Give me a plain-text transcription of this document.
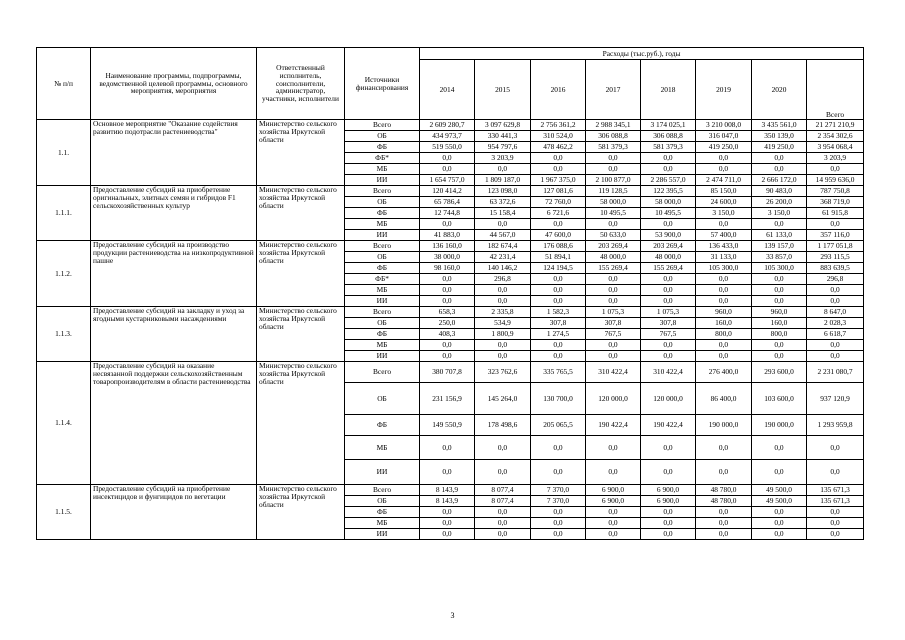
№ п/п	Наименование программы, подпрограммы, ведомственной целевой программы, основного мероприятия, мероприятия	Ответственный исполнитель, соисполнители, администратор, участники, исполнители	Источники финансирования	Расходы (тыс.руб.), годы							
				2014	2015	2016	2017	2018	2019	2020	Всего
1.1.	Основное мероприятие "Оказание содействия развитию подотрасли растениеводства"	Министерство сельского хозяйства Иркутской области	Всего	2 609 280,7	3 097 629,8	2 756 361,2	2 988 345,1	3 174 025,1	3 210 008,0	3 435 561,0	21 271 210,9
			ОБ	434 973,7	330 441,3	310 524,0	306 088,8	306 088,8	316 047,0	350 139,0	2 354 302,6
			ФБ	519 550,0	954 797,6	478 462,2	581 379,3	581 379,3	419 250,0	419 250,0	3 954 068,4
			ФБ*	0,0	3 203,9	0,0	0,0	0,0	0,0	0,0	3 203,9
			МБ	0,0	0,0	0,0	0,0	0,0	0,0	0,0	0,0
			ИИ	1 654 757,0	1 809 187,0	1 967 375,0	2 100 877,0	2 286 557,0	2 474 711,0	2 666 172,0	14 959 636,0
1.1.1.	Предоставление субсидий на приобретение оригинальных, элитных семян и гибридов F1 сельскохозяйственных культур	Министерство сельского хозяйства Иркутской области	Всего	120 414,2	123 098,0	127 081,6	119 128,5	122 395,5	85 150,0	90 483,0	787 750,8
			ОБ	65 786,4	63 372,6	72 760,0	58 000,0	58 000,0	24 600,0	26 200,0	368 719,0
			ФБ	12 744,8	15 158,4	6 721,6	10 495,5	10 495,5	3 150,0	3 150,0	61 915,8
			МБ	0,0	0,0	0,0	0,0	0,0	0,0	0,0	0,0
			ИИ	41 883,0	44 567,0	47 600,0	50 633,0	53 900,0	57 400,0	61 133,0	357 116,0
1.1.2.	Предоставление субсидий на производство продукции растениеводства на низкопродуктивной пашне	Министерство сельского хозяйства Иркутской области	Всего	136 160,0	182 674,4	176 088,6	203 269,4	203 269,4	136 433,0	139 157,0	1 177 051,8
			ОБ	38 000,0	42 231,4	51 894,1	48 000,0	48 000,0	31 133,0	33 857,0	293 115,5
			ФБ	98 160,0	140 146,2	124 194,5	155 269,4	155 269,4	105 300,0	105 300,0	883 639,5
			ФБ*	0,0	296,8	0,0	0,0	0,0	0,0	0,0	296,8
			МБ	0,0	0,0	0,0	0,0	0,0	0,0	0,0	0,0
			ИИ	0,0	0,0	0,0	0,0	0,0	0,0	0,0	0,0
1.1.3.	Предоставление субсидий на закладку и уход за ягодными кустарниковыми насаждениями	Министерство сельского хозяйства Иркутской области	Всего	658,3	2 335,8	1 582,3	1 075,3	1 075,3	960,0	960,0	8 647,0
			ОБ	250,0	534,9	307,8	307,8	307,8	160,0	160,0	2 028,3
			ФБ	408,3	1 800,9	1 274,5	767,5	767,5	800,0	800,0	6 618,7
			МБ	0,0	0,0	0,0	0,0	0,0	0,0	0,0	0,0
			ИИ	0,0	0,0	0,0	0,0	0,0	0,0	0,0	0,0
1.1.4.	Предоставление субсидий на оказание несвязанной поддержки сельскохозяйственным товаропроизводителям в области растениеводства	Министерство сельского хозяйства Иркутской области	Всего	380 707,8	323 762,6	335 765,5	310 422,4	310 422,4	276 400,0	293 600,0	2 231 080,7
			ОБ	231 156,9	145 264,0	130 700,0	120 000,0	120 000,0	86 400,0	103 600,0	937 120,9
			ФБ	149 550,9	178 498,6	205 065,5	190 422,4	190 422,4	190 000,0	190 000,0	1 293 959,8
			МБ	0,0	0,0	0,0	0,0	0,0	0,0	0,0	0,0
			ИИ	0,0	0,0	0,0	0,0	0,0	0,0	0,0	0,0
1.1.5.	Предоставление субсидий на приобретение инсектицидов и фунгицидов по вегетации	Министерство сельского хозяйства Иркутской области	Всего	8 143,9	8 077,4	7 370,0	6 900,0	6 900,0	48 780,0	49 500,0	135 671,3
			ОБ	8 143,9	8 077,4	7 370,0	6 900,0	6 900,0	48 780,0	49 500,0	135 671,3
			ФБ	0,0	0,0	0,0	0,0	0,0	0,0	0,0	0,0
			МБ	0,0	0,0	0,0	0,0	0,0	0,0	0,0	0,0
			ИИ	0,0	0,0	0,0	0,0	0,0	0,0	0,0	0,0
3
